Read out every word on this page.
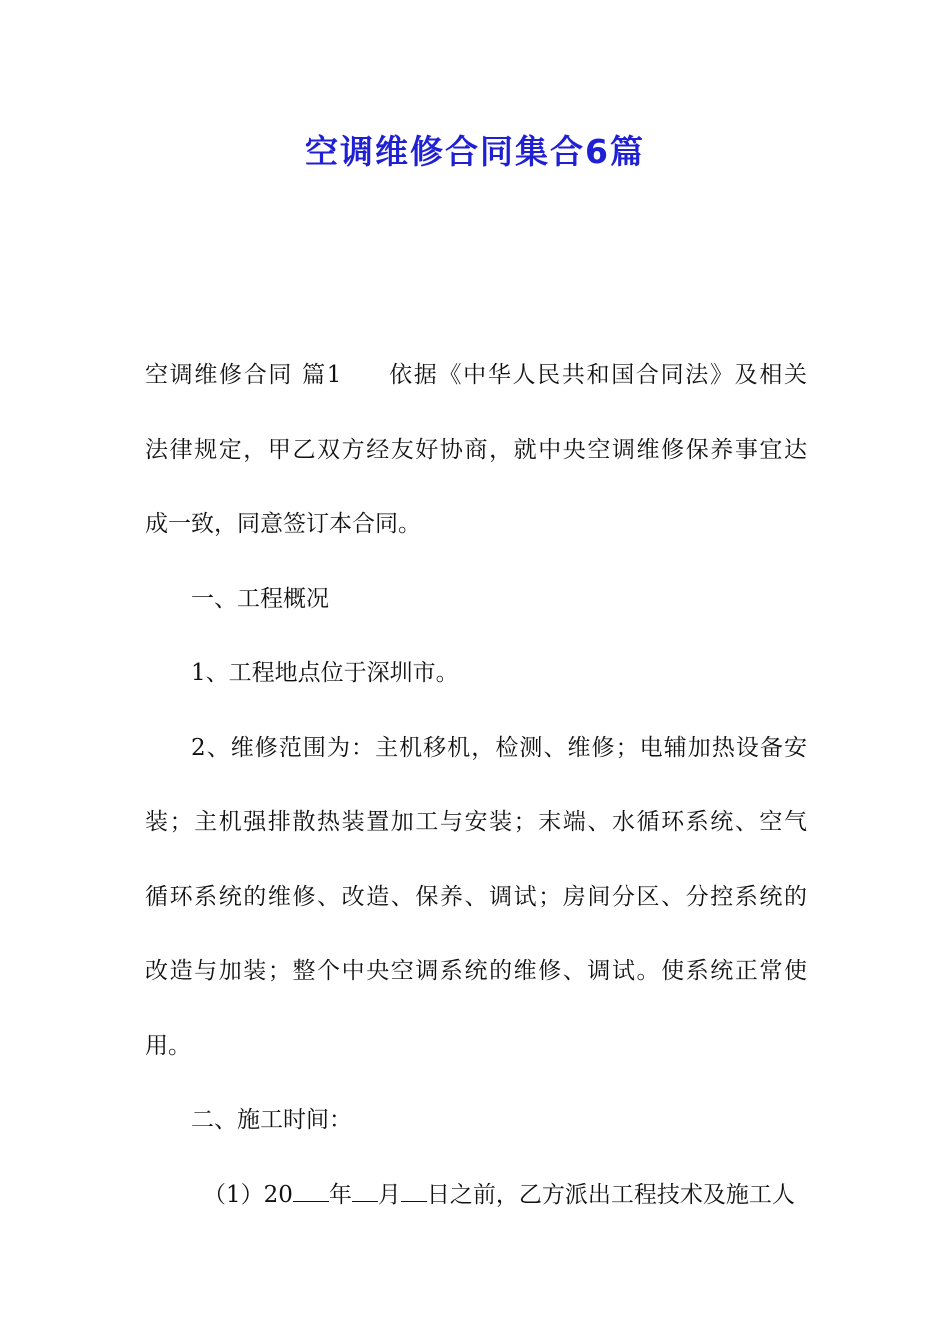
空调维修合同集合6篇
空调维修合同 篇1 依据《中华人民共和国合同法》及相关
法律规定，甲乙双方经友好协商，就中央空调维修保养事宜达
成一致，同意签订本合同。
一、工程概况
1、工程地点位于深圳市。
2、维修范围为：主机移机，检测、维修；电辅加热设备安
装；主机强排散热装置加工与安装；末端、水循环系统、空气
循环系统的维修、改造、保养、调试；房间分区、分控系统的
改造与加装；整个中央空调系统的维修、调试。使系统正常使
用。
二、施工时间：
（1）20 年 月 日之前，乙方派出工程技术及施工人
